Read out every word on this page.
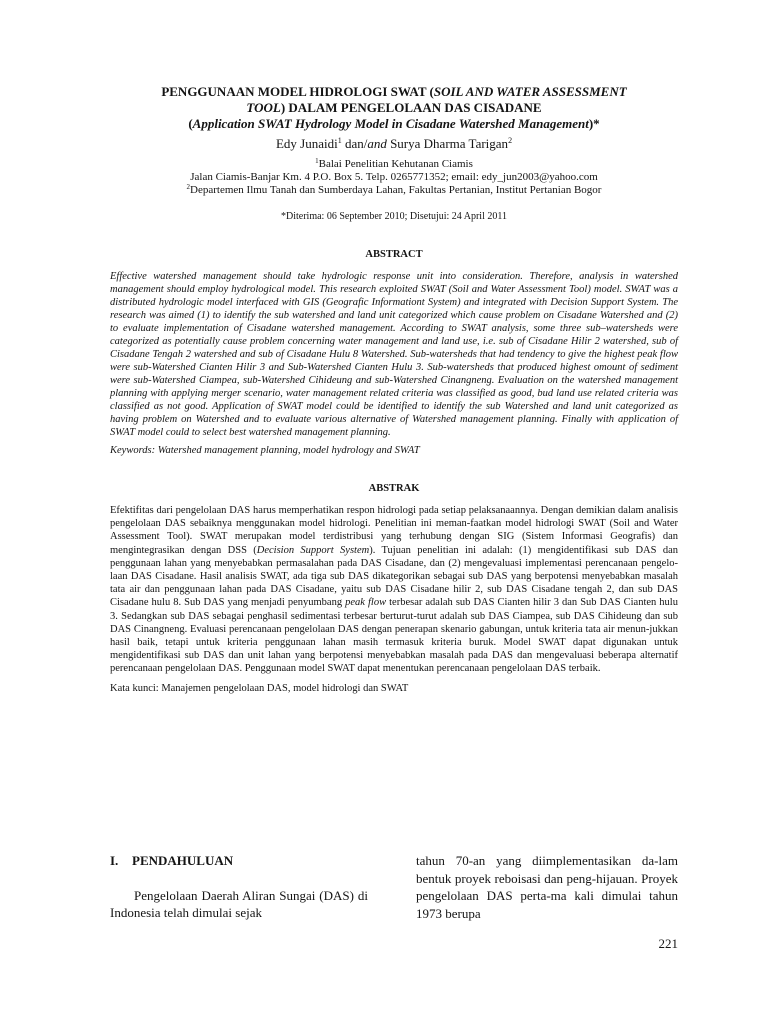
PENGGUNAAN MODEL HIDROLOGI SWAT (SOIL AND WATER ASSESSMENT
TOOL) DALAM PENGELOLAAN DAS CISADANE
(Application SWAT Hydrology Model in Cisadane Watershed Management)*
Edy Junaidi$^1$ dan/and Surya Dharma Tarigan$^2$
$^1$Balai Penelitian Kehutanan Ciamis
Jalan Ciamis-Banjar Km. 4 P.O. Box 5. Telp. 0265771352; email: edy_jun2003@yahoo.com
$^2$Departemen Ilmu Tanah dan Sumberdaya Lahan, Fakultas Pertanian, Institut Pertanian Bogor
*Diterima: 06 September 2010; Disetujui: 24 April 2011
ABSTRACT
Effective watershed management should take hydrologic response unit into consideration. Therefore, analysis in watershed management should employ hydrological model. This research exploited SWAT (Soil and Water Assessment Tool) model. SWAT was a distributed hydrologic model interfaced with GIS (Geografic Informationt System) and integrated with Decision Support System. The research was aimed (1) to identify the sub watershed and land unit categorized which cause problem on Cisadane Watershed and (2) to evaluate implementation of Cisadane watershed management. According to SWAT analysis, some three sub–watersheds were categorized as potentially cause problem concerning water management and land use, i.e. sub of Cisadane Hilir 2 watershed, sub of Cisadane Tengah 2 watershed and sub of Cisadane Hulu 8 Watershed. Sub-watersheds that had tendency to give the highest peak flow were sub-Watershed Cianten Hilir 3 and Sub-Watershed Cianten Hulu 3. Sub-watersheds that produced highest omount of sediment were sub-Watershed Ciampea, sub-Watershed Cihideung and sub-Watershed Cinangneng. Evaluation on the watershed management planning with applying merger scenario, water management related criteria was classified as good, bud land use related criteria was classified as not good. Application of SWAT model could be identified to identify the sub Watershed and land unit categorized as having problem on Watershed and to evaluate various alternative of Watershed management planning. Finally with application of SWAT model could to select best watershed management planning.
Keywords: Watershed management planning, model hydrology and SWAT
ABSTRAK
Efektifitas dari pengelolaan DAS harus memperhatikan respon hidrologi pada setiap pelaksanaannya. Dengan demikian dalam analisis pengelolaan DAS sebaiknya menggunakan model hidrologi. Penelitian ini meman-faatkan model hidrologi SWAT (Soil and Water Assessment Tool). SWAT merupakan model terdistribusi yang terhubung dengan SIG (Sistem Informasi Geografis) dan mengintegrasikan dengan DSS (Decision Support System). Tujuan penelitian ini adalah: (1) mengidentifikasi sub DAS dan penggunaan lahan yang menyebabkan permasalahan pada DAS Cisadane, dan (2) mengevaluasi implementasi perencanaan pengelo-laan DAS Cisadane. Hasil analisis SWAT, ada tiga sub DAS dikategorikan sebagai sub DAS yang berpotensi menyebabkan masalah tata air dan penggunaan lahan pada DAS Cisadane, yaitu sub DAS Cisadane hilir 2, sub DAS Cisadane tengah 2, dan sub DAS Cisadane hulu 8. Sub DAS yang menjadi penyumbang peak flow terbesar adalah sub DAS Cianten hilir 3 dan Sub DAS Cianten hulu 3. Sedangkan sub DAS sebagai penghasil sedimentasi terbesar berturut-turut adalah sub DAS Ciampea, sub DAS Cihideung dan sub DAS Cinangneng. Evaluasi perencanaan pengelolaan DAS dengan penerapan skenario gabungan, untuk kriteria tata air menun-jukkan hasil baik, tetapi untuk kriteria penggunaan lahan masih termasuk kriteria buruk. Model SWAT dapat digunakan untuk mengidentifikasi sub DAS dan unit lahan yang berpotensi menyebabkan masalah pada DAS dan mengevaluasi beberapa alternatif perencanaan pengelolaan DAS. Penggunaan model SWAT dapat menentukan perencanaan pengelolaan DAS terbaik.
Kata kunci: Manajemen pengelolaan DAS, model hidrologi dan SWAT
I. PENDAHULUAN
Pengelolaan Daerah Aliran Sungai (DAS) di Indonesia telah dimulai sejak
tahun 70-an yang diimplementasikan da-lam bentuk proyek reboisasi dan peng-hijauan. Proyek pengelolaan DAS perta-ma kali dimulai tahun 1973 berupa
221
